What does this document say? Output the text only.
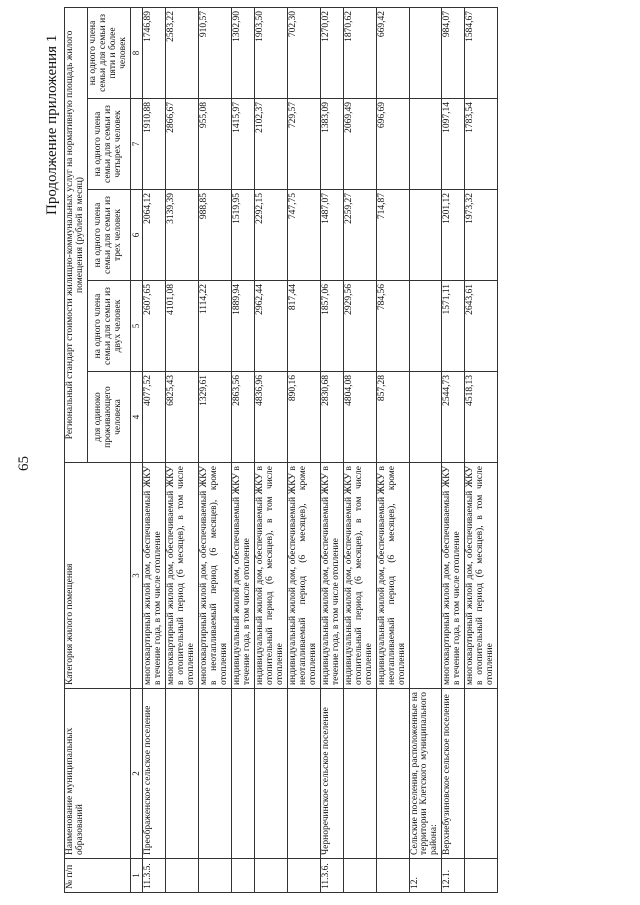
65
Продолжение приложения 1
№ п/п	Наименование муниципальных образований	Категория жилого помещения	Региональный стандарт стоимости жилищно-коммунальных услуг на нормативную площадь жилого помещения (рублей в месяц)				
			для одиноко проживающего человека	на одного члена семьи для семьи из двух человек	на одного члена семьи для семьи из трех человек	на одного члена семьи для семьи из четырех человек	на одного члена семьи для семьи из пяти и более человек
1	2	3	4	5	6	7	8
11.3.5.	Преображенское сельское поселение	многоквартирный жилой дом, обеспечиваемый ЖКУ в течение года, в том числе отопление	4077,52	2607,65	2064,12	1910,88	1746,89
		многоквартирный жилой дом, обеспечиваемый ЖКУ в отопительный период (6 месяцев), в том числе отопление	6825,43	4101,08	3139,39	2866,67	2583,22
		многоквартирный жилой дом, обеспечиваемый ЖКУ в неотапливаемый период (6 месяцев), кроме отопления	1329,61	1114,22	988,85	955,08	910,57
		индивидуальный жилой дом, обеспечиваемый ЖКУ в течение года, в том числе отопление	2863,56	1889,94	1519,95	1415,97	1302,90
		индивидуальный жилой дом, обеспечиваемый ЖКУ в отопительный период (6 месяцев), в том числе отопление	4836,96	2962,44	2292,15	2102,37	1903,50
		индивидуальный жилой дом, обеспечиваемый ЖКУ в неотапливаемый период (6 месяцев), кроме отопления	890,16	817,44	747,75	729,57	702,30
11.3.6.	Черноречинское сельское поселение	индивидуальный жилой дом, обеспечиваемый ЖКУ в течение года, в том числе отопление	2830,68	1857,06	1487,07	1383,09	1270,02
		индивидуальный жилой дом, обеспечиваемый ЖКУ в отопительный период (6 месяцев), в том числе отопление	4804,08	2929,56	2259,27	2069,49	1870,62
		индивидуальный жилой дом, обеспечиваемый ЖКУ в неотапливаемый период (6 месяцев), кроме отопления	857,28	784,56	714,87	696,69	669,42
12.	Сельские поселения, расположенные на территории Клетского муниципального района:						
12.1.	Верхнебузиновское сельское поселение	многоквартирный жилой дом, обеспечиваемый ЖКУ в течение года, в том числе отопление	2544,73	1571,11	1201,12	1097,14	984,07
		многоквартирный жилой дом, обеспечиваемый ЖКУ в отопительный период (6 месяцев), в том числе отопление	4518,13	2643,61	1973,32	1783,54	1584,67
